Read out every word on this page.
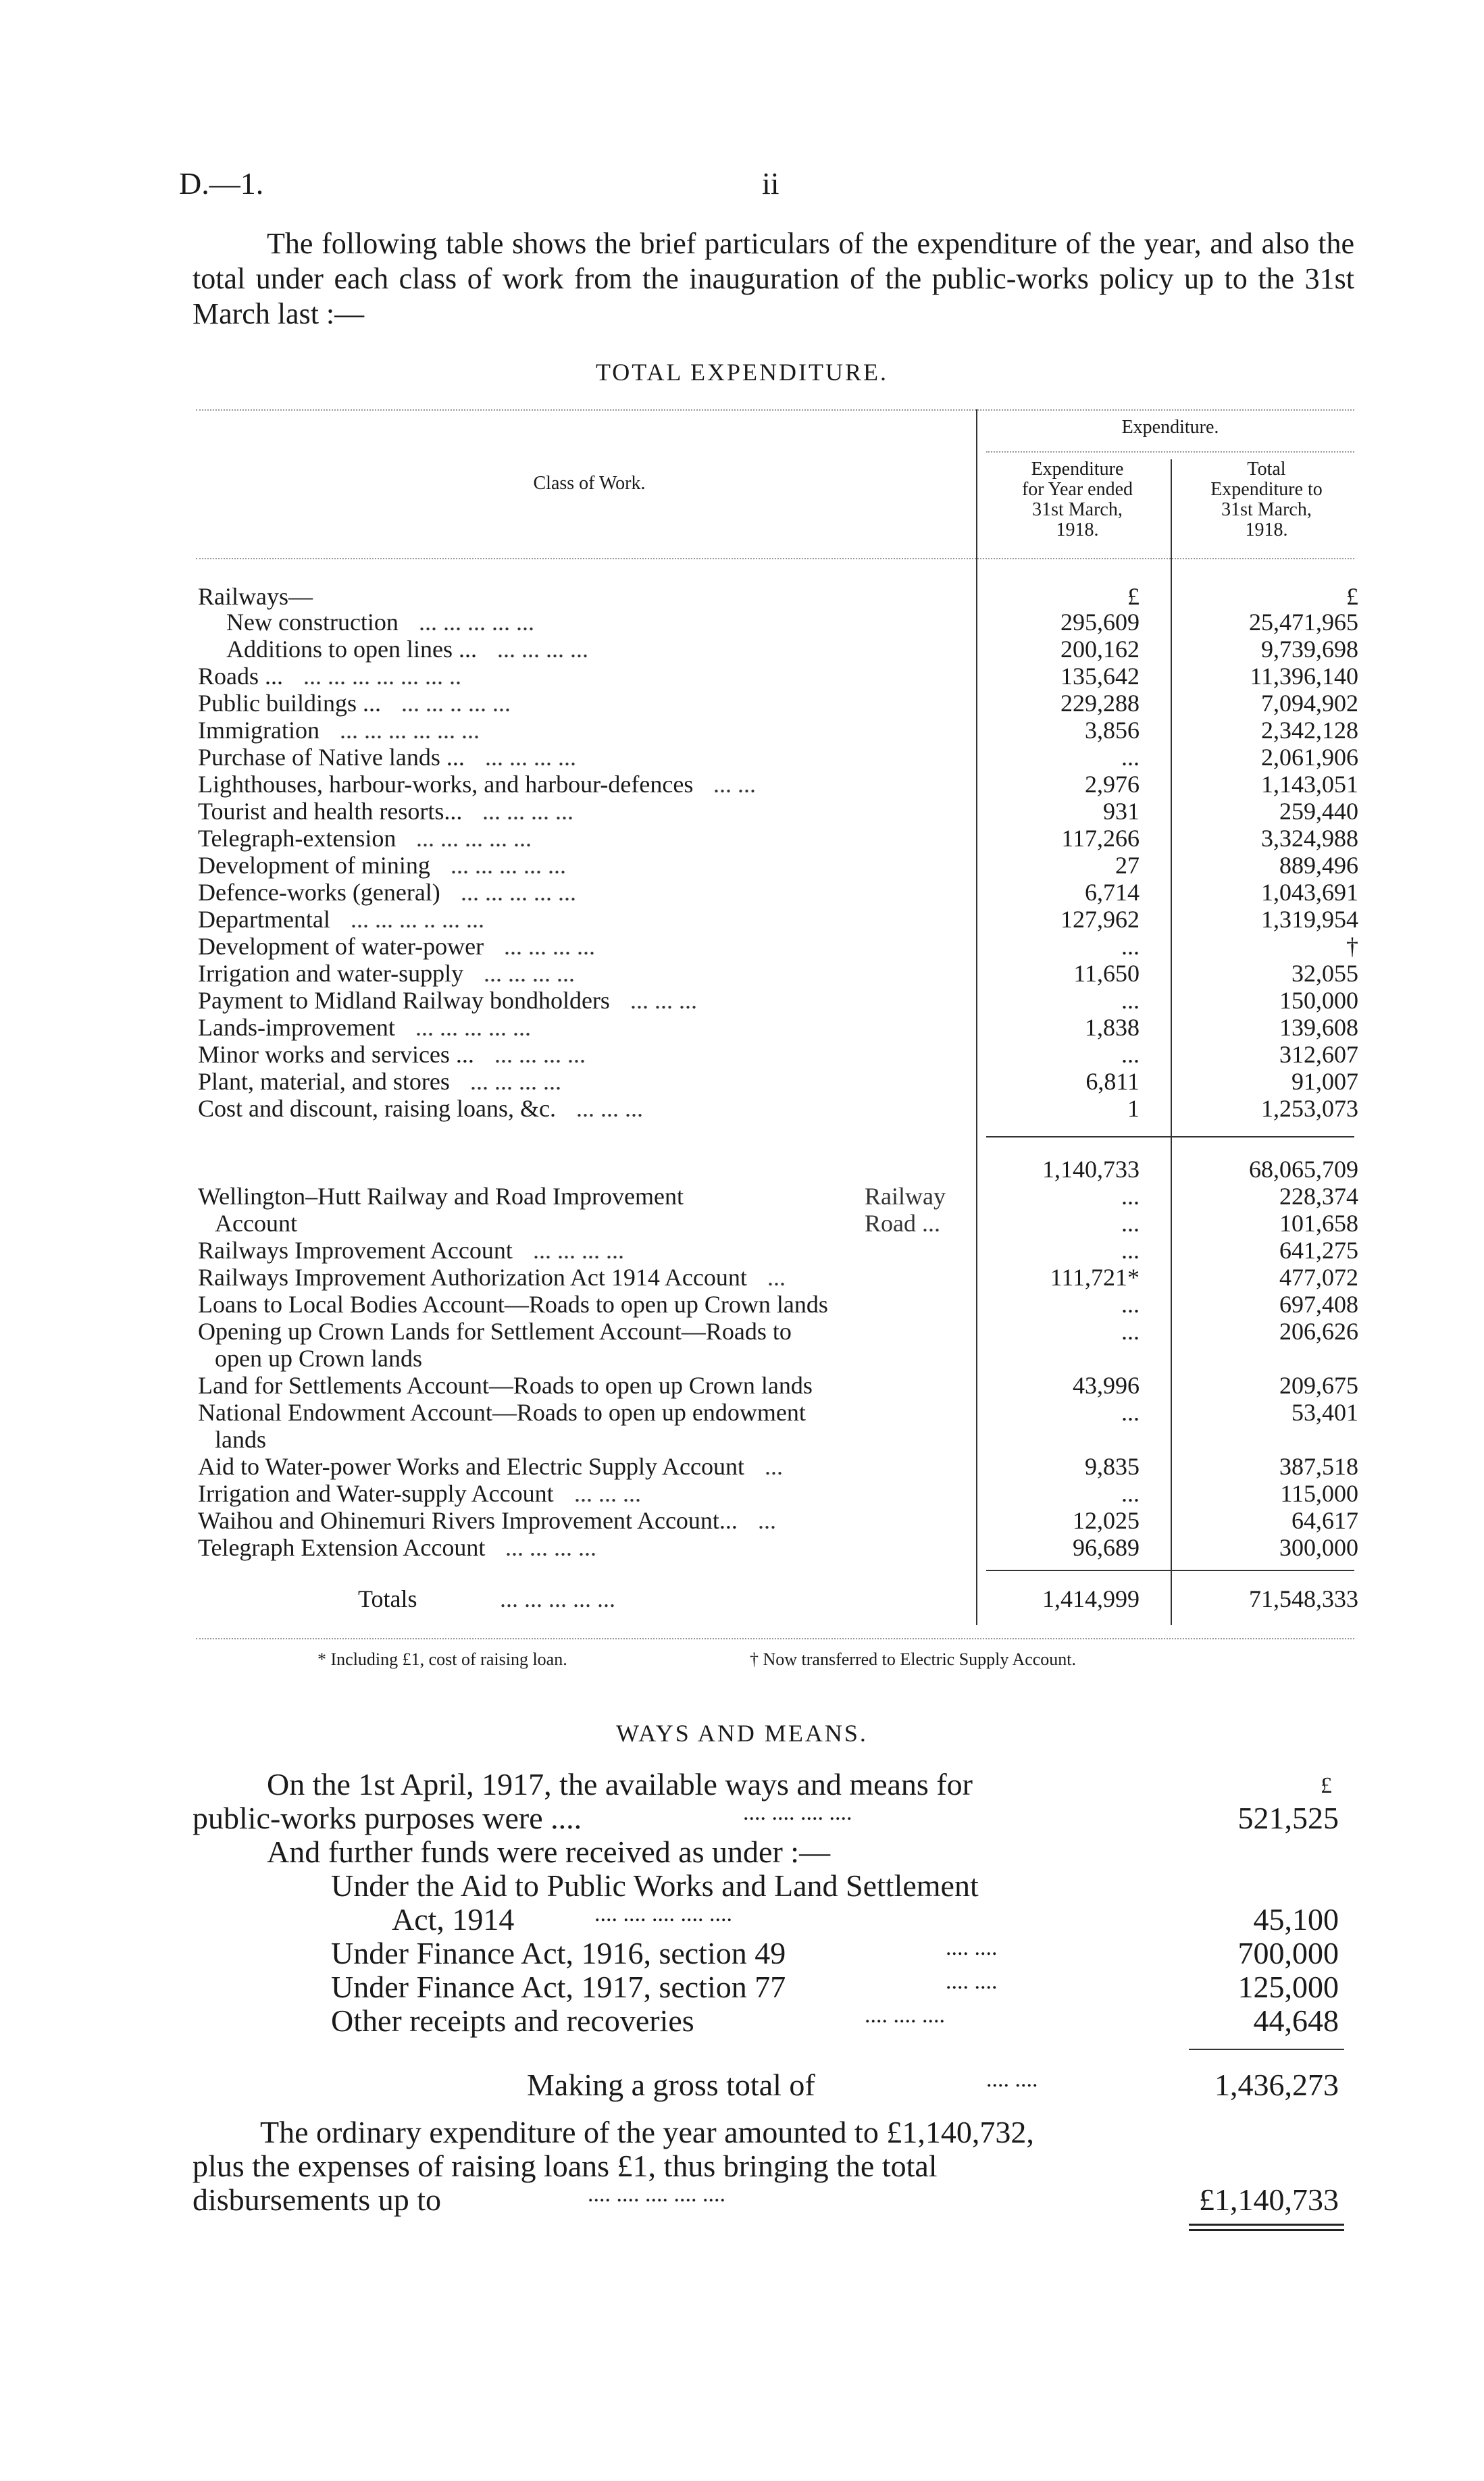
D.—1.	ii
The following table shows the brief particulars of the expenditure of the year, and also the total under each class of work from the inauguration of the public-works policy up to the 31st March last :—
TOTAL EXPENDITURE.
Class of Work.
Expenditure.
Expenditure
for Year ended
31st March,
1918.
Total
Expenditure to
31st March,
1918.
Railways—	£	£
New construction ... ... ... ... ...	295,609	25,471,965
Additions to open lines ... ... ... ... ...	200,162	9,739,698
Roads ... ... ... ... ... ... ... ..	135,642	11,396,140
Public buildings ... ... ... .. ... ...	229,288	7,094,902
Immigration ... ... ... ... ... ...	3,856	2,342,128
Purchase of Native lands ... ... ... ... ...	...	2,061,906
Lighthouses, harbour-works, and harbour-defences ... ...	2,976	1,143,051
Tourist and health resorts... ... ... ... ...	931	259,440
Telegraph-extension ... ... ... ... ...	117,266	3,324,988
Development of mining ... ... ... ... ...	27	889,496
Defence-works (general) ... ... ... ... ...	6,714	1,043,691
Departmental ... ... ... .. ... ...	127,962	1,319,954
Development of water-power ... ... ... ...	...	†
Irrigation and water-supply ... ... ... ...	11,650	32,055
Payment to Midland Railway bondholders ... ... ...	...	150,000
Lands-improvement ... ... ... ... ...	1,838	139,608
Minor works and services ... ... ... ... ...	...	312,607
Plant, material, and stores ... ... ... ...	6,811	91,007
Cost and discount, raising loans, &c. ... ... ...	1	1,253,073
1,140,733	68,065,709
Wellington–Hutt Railway and Road Improvement	Railway	...	228,374
Account	Road ...	...	101,658
Railways Improvement Account ... ... ... ...	...	641,275
Railways Improvement Authorization Act 1914 Account ...	111,721*	477,072
Loans to Local Bodies Account—Roads to open up Crown lands	...	697,408
Opening up Crown Lands for Settlement Account—Roads to	...	206,626
open up Crown lands
Land for Settlements Account—Roads to open up Crown lands	43,996	209,675
National Endowment Account—Roads to open up endowment	...	53,401
lands
Aid to Water-power Works and Electric Supply Account ...	9,835	387,518
Irrigation and Water-supply Account ... ... ...	...	115,000
Waihou and Ohinemuri Rivers Improvement Account... ...	12,025	64,617
Telegraph Extension Account ... ... ... ...	96,689	300,000
Totals	... ... ... ... ...	1,414,999	71,548,333
* Including £1, cost of raising loan.	† Now transferred to Electric Supply Account.
WAYS AND MEANS.
£
On the 1st April, 1917, the available ways and means for
public-works purposes were ....	.... .... .... ....	521,525
And further funds were received as under :—
Under the Aid to Public Works and Land Settlement
Act, 1914	.... .... .... .... ....	45,100
Under Finance Act, 1916, section 49	.... ....	700,000
Under Finance Act, 1917, section 77	.... ....	125,000
Other receipts and recoveries	.... .... ....	44,648
Making a gross total of	.... ....	1,436,273
The ordinary expenditure of the year amounted to £1,140,732,
plus the expenses of raising loans £1, thus bringing the total
disbursements up to	.... .... .... .... ....	£1,140,733
